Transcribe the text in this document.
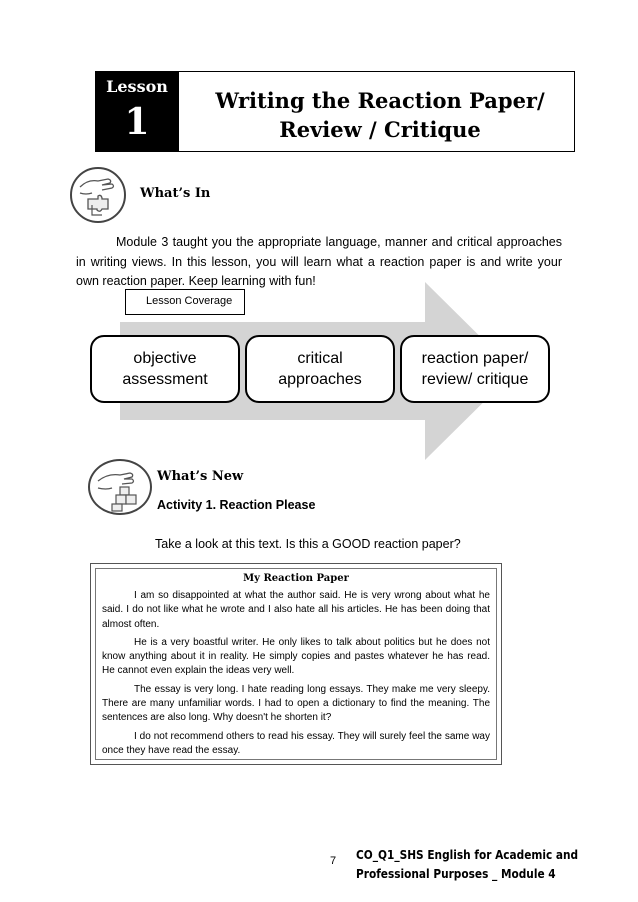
Lesson
1
Writing the Reaction Paper/
Review / Critique
What’s In
Module 3 taught you the appropriate language, manner and critical approaches in writing views. In this lesson, you will learn what a reaction paper is and write your own reaction paper. Keep learning with fun!
Lesson Coverage
objective
assessment
critical
approaches
reaction paper/
review/ critique
What’s New
Activity 1. Reaction Please
Take a look at this text. Is this a GOOD reaction paper?
My Reaction Paper

I am so disappointed at what the author said. He is very wrong about what he said. I do not like what he wrote and I also hate all his articles. He has been doing that almost often.

He is a very boastful writer. He only likes to talk about politics but he does not know anything about it in reality. He simply copies and pastes whatever he has read. He cannot even explain the ideas very well.

The essay is very long. I hate reading long essays. They make me very sleepy. There are many unfamiliar words. I had to open a dictionary to find the meaning. The sentences are also long. Why doesn't he shorten it?

I do not recommend others to read his essay. They will surely feel the same way once they have read the essay.

7 CO_Q1_SHS English for Academic and
Professional Purposes _ Module 4
